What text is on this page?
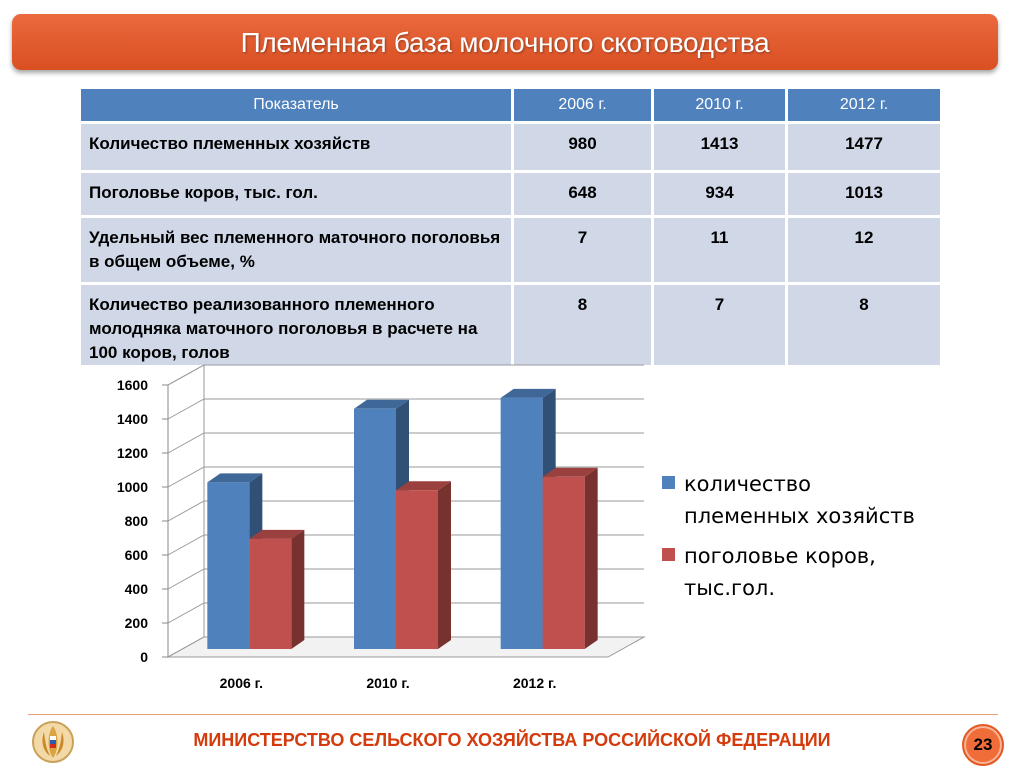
Племенная база молочного скотоводства
Показатель	2006 г.	2010 г.	2012 г.
Количество племенных хозяйств	980	1413	1477
Поголовье коров, тыс. гол.	648	934	1013
Удельный вес племенного маточного поголовья в общем объеме, %	7	11	12
Количество реализованного племенного молодняка маточного поголовья в расчете на 100 коров, голов	8	7	8
0
200
400
600
800
1000
1200
1400
1600
2006 г.	2010 г.	2012 г.
количество
племенных хозяйств
поголовье коров,
тыс.гол.
МИНИСТЕРСТВО СЕЛЬСКОГО ХОЗЯЙСТВА РОССИЙСКОЙ ФЕДЕРАЦИИ	23
